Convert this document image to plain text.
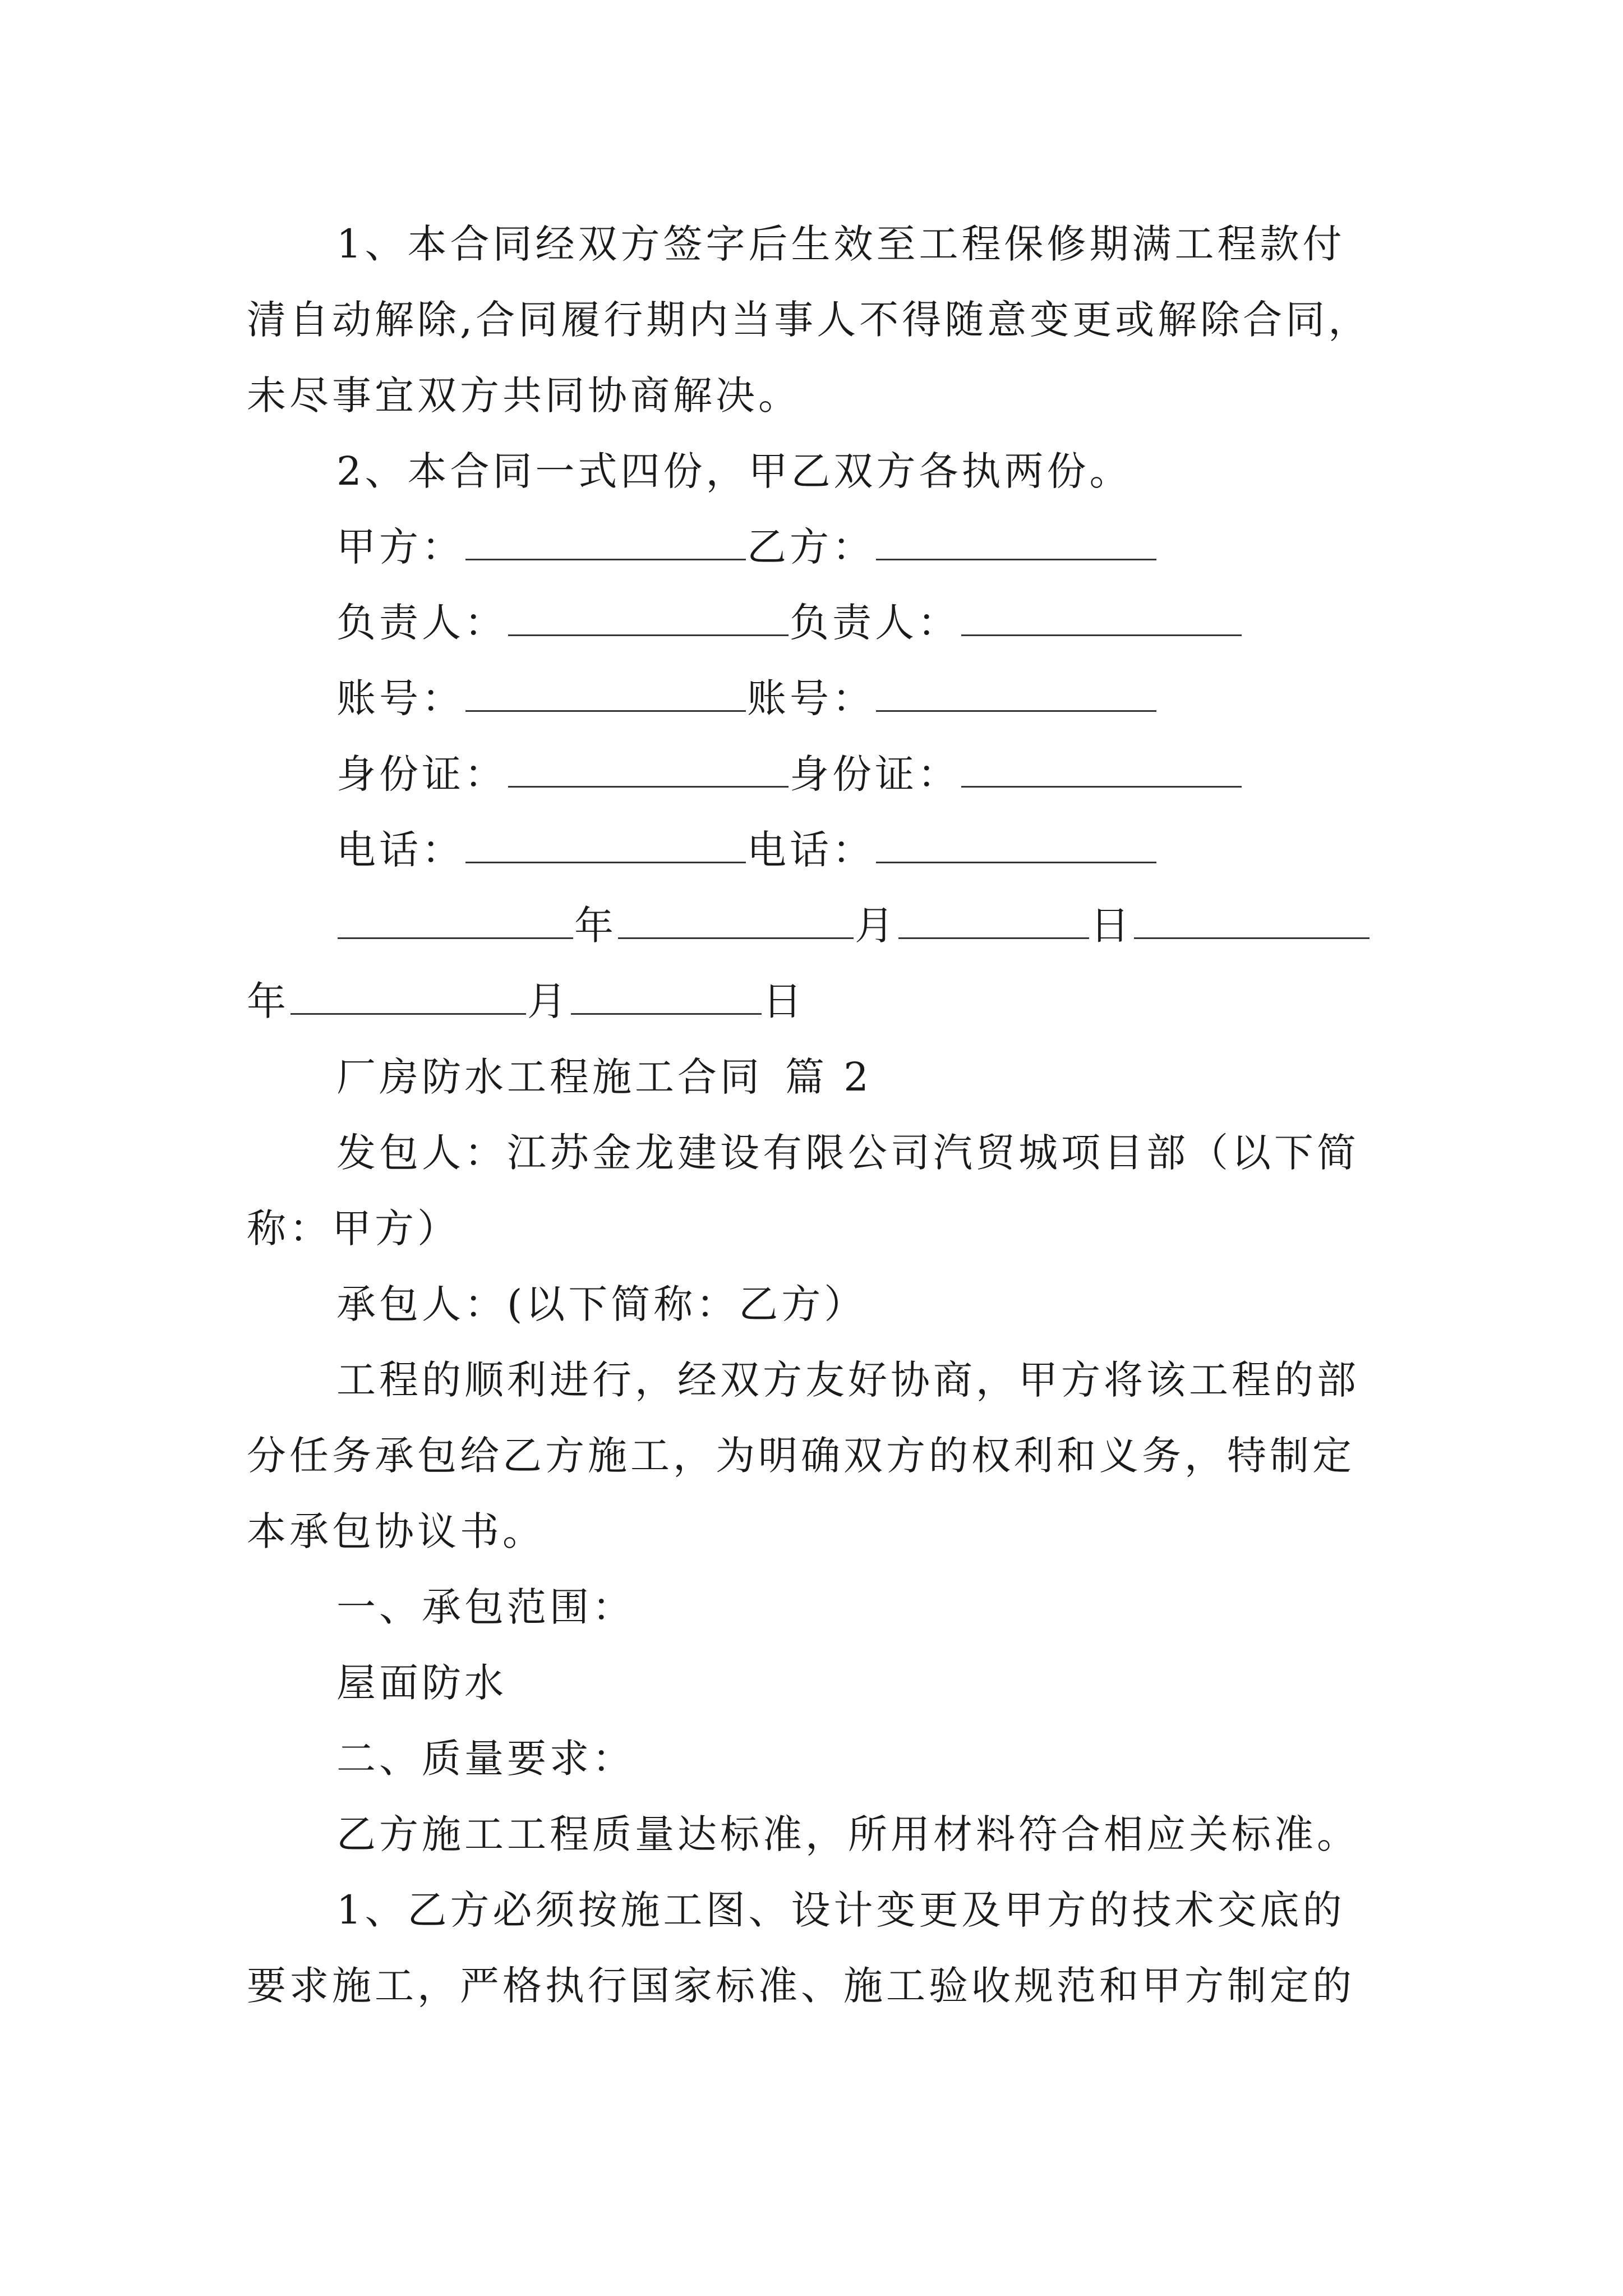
1、本合同经双方签字后生效至工程保修期满工程款付
清自动解除,合同履行期内当事人不得随意变更或解除合同，
未尽事宜双方共同协商解决。
2、本合同一式四份，甲乙双方各执两份。
甲方：	乙方：
负责人：	负责人：
账号：	账号：
身份证：	身份证：
电话：	电话：
年	月	日
年	月	日
厂房防水工程施工合同 篇 2
发包人：江苏金龙建设有限公司汽贸城项目部（以下简
称：甲方）
承包人：(以下简称：乙方）
工程的顺利进行，经双方友好协商，甲方将该工程的部
分任务承包给乙方施工，为明确双方的权利和义务，特制定
本承包协议书。
一、承包范围：
屋面防水
二、质量要求：
乙方施工工程质量达标准，所用材料符合相应关标准。
1、乙方必须按施工图、设计变更及甲方的技术交底的
要求施工，严格执行国家标准、施工验收规范和甲方制定的
